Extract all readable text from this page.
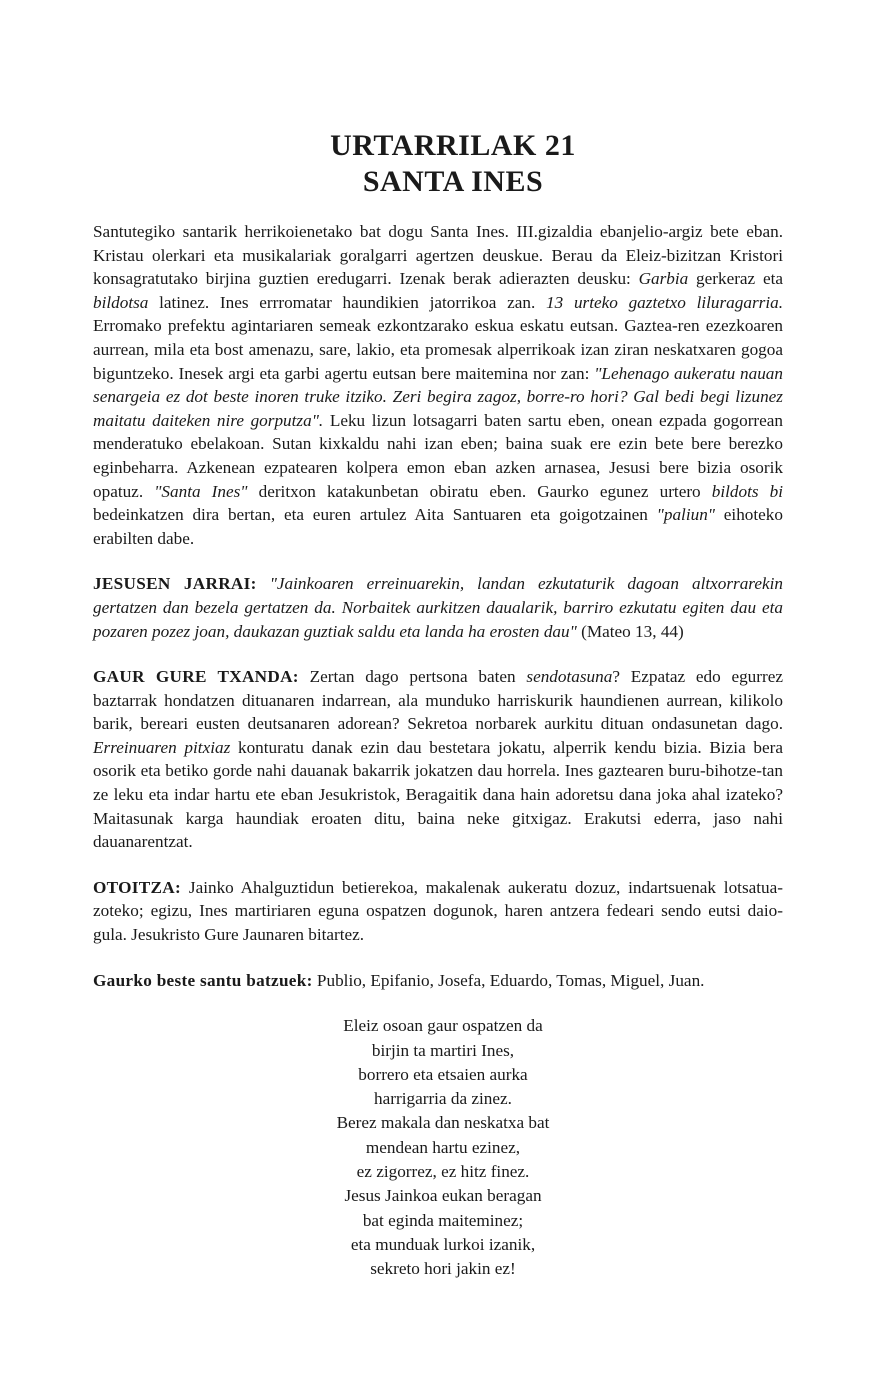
URTARRILAK 21
SANTA INES

Santutegiko santarik herrikoienetako bat dogu Santa Ines. III.gizaldia ebanjelio-argiz bete eban. Kristau olerkari eta musikalariak goralgarri agertzen deuskue. Berau da Eleiz-bizitzan Kristori konsagratutako birjina guztien eredugarri. Izenak berak adierazten deusku: Garbia gerkeraz eta bildotsa latinez. Ines errromatar haundikien jatorrikoa zan. 13 urteko gaztetxo liluragarria. Erromako prefektu agintariaren semeak ezkontzarako eskua eskatu eutsan. Gaztea-ren ezezkoaren aurrean, mila eta bost amenazu, sare, lakio, eta promesak alperrikoak izan ziran neskatxaren gogoa biguntzeko. Inesek argi eta garbi agertu eutsan bere maitemina nor zan: "Lehenago aukeratu nauan senargeia ez dot beste inoren truke itziko. Zeri begira zagoz, borre-ro hori? Gal bedi begi lizunez maitatu daiteken nire gorputza". Leku lizun lotsagarri baten sartu eben, onean ezpada gogorrean menderatuko ebelakoan. Sutan kixkaldu nahi izan eben; baina suak ere ezin bete bere berezko eginbeharra. Azkenean ezpatearen kolpera emon eban azken arnasea, Jesusi bere bizia osorik opatuz. "Santa Ines" deritxon katakunbetan obiratu eben. Gaurko egunez urtero bildots bi bedeinkatzen dira bertan, eta euren artulez Aita Santuaren eta goigotzainen "paliun" eihoteko erabilten dabe.

JESUSEN JARRAI: "Jainkoaren erreinuarekin, landan ezkutaturik dagoan altxorrarekin gertatzen dan bezela gertatzen da. Norbaitek aurkitzen daualarik, barriro ezkutatu egiten dau eta pozaren pozez joan, daukazan guztiak saldu eta landa ha erosten dau" (Mateo 13, 44)

GAUR GURE TXANDA: Zertan dago pertsona baten sendotasuna? Ezpataz edo egurrez baztarrak hondatzen dituanaren indarrean, ala munduko harriskurik haundienen aurrean, kilikolo barik, bereari eusten deutsanaren adorean? Sekretoa norbarek aurkitu dituan ondasunetan dago. Erreinuaren pitxiaz konturatu danak ezin dau bestetara jokatu, alperrik kendu bizia. Bizia bera osorik eta betiko gorde nahi dauanak bakarrik jokatzen dau horrela. Ines gaztearen buru-bihotze-tan ze leku eta indar hartu ete eban Jesukristok, Beragaitik dana hain adoretsu dana joka ahal izateko? Maitasunak karga haundiak eroaten ditu, baina neke gitxigaz. Erakutsi ederra, jaso nahi dauanarentzat.

OTOITZA: Jainko Ahalguztidun betierekoa, makalenak aukeratu dozuz, indartsuenak lotsatua-zoteko; egizu, Ines martiriaren eguna ospatzen dogunok, haren antzera fedeari sendo eutsi daio-gula. Jesukristo Gure Jaunaren bitartez.

Gaurko beste santu batzuek: Publio, Epifanio, Josefa, Eduardo, Tomas, Miguel, Juan.

Eleiz osoan gaur ospatzen da
birjin ta martiri Ines,
borrero eta etsaien aurka
harrigarria da zinez.
Berez makala dan neskatxa bat
mendean hartu ezinez,
ez zigorrez, ez hitz finez.
Jesus Jainkoa eukan beragan
bat eginda maiteminez;
eta munduak lurkoi izanik,
sekreto hori jakin ez!
